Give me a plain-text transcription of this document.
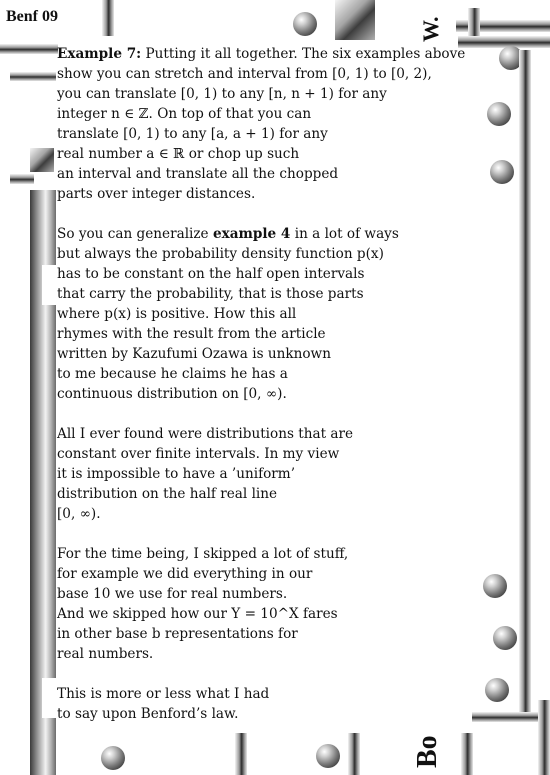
Benf 09
W.
Bo

Example 7: Putting it all together. The six examples above
show you can stretch and interval from [0, 1) to [0, 2),
you can translate [0, 1) to any [n, n + 1) for any
integer n ∈ ℤ. On top of that you can
translate [0, 1) to any [a, a + 1) for any
real number a ∈ ℝ or chop up such
an interval and translate all the chopped
parts over integer distances.

So you can generalize example 4 in a lot of ways
but always the probability density function p(x)
has to be constant on the half open intervals
that carry the probability, that is those parts
where p(x) is positive. How this all
rhymes with the result from the article
written by Kazufumi Ozawa is unknown
to me because he claims he has a
continuous distribution on [0, ∞).

All I ever found were distributions that are
constant over finite intervals. In my view
it is impossible to have a ’uniform’
distribution on the half real line
[0, ∞).

For the time being, I skipped a lot of stuff,
for example we did everything in our
base 10 we use for real numbers.
And we skipped how our Y = 10^X fares
in other base b representations for
real numbers.

This is more or less what I had
to say upon Benford’s law.
